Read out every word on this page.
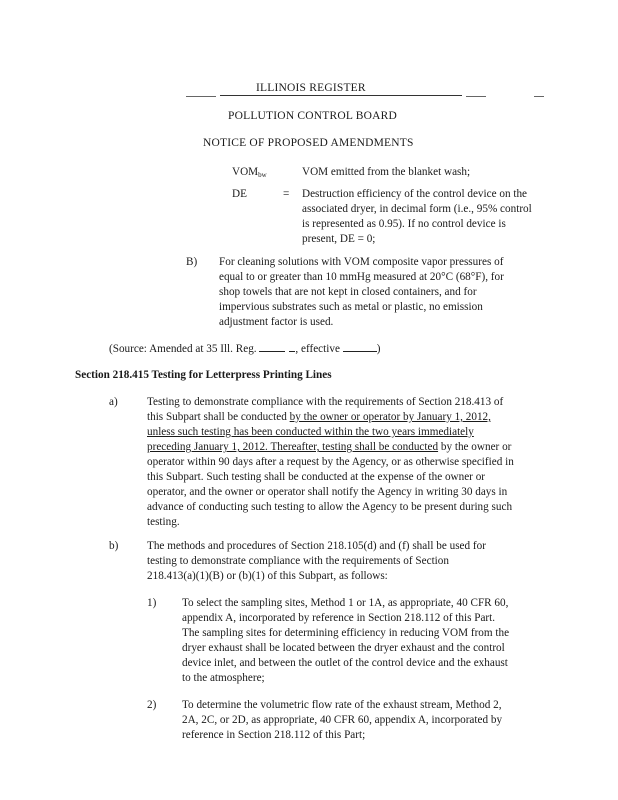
ILLINOIS REGISTER
POLLUTION CONTROL BOARD
NOTICE OF PROPOSED AMENDMENTS
$VOM_{bw}$	VOM emitted from the blanket wash;
DE	= Destruction efficiency of the control device on the
associated dryer, in decimal form (i.e., 95% control
is represented as 0.95). If no control device is
present, DE = 0;
B) For cleaning solutions with VOM composite vapor pressures of
equal to or greater than 10 mmHg measured at 20°C (68°F), for
shop towels that are not kept in closed containers, and for
impervious substrates such as metal or plastic, no emission
adjustment factor is used.
(Source: Amended at 35 Ill. Reg.	, effective	)
Section 218.415 Testing for Letterpress Printing Lines
a)	Testing to demonstrate compliance with the requirements of Section 218.413 of
this Subpart shall be conducted by the owner or operator by January 1, 2012,
unless such testing has been conducted within the two years immediately
preceding January 1, 2012. Thereafter, testing shall be conducted by the owner or
operator within 90 days after a request by the Agency, or as otherwise specified in
this Subpart. Such testing shall be conducted at the expense of the owner or
operator, and the owner or operator shall notify the Agency in writing 30 days in
advance of conducting such testing to allow the Agency to be present during such
testing.
b)	The methods and procedures of Section 218.105(d) and (f) shall be used for
testing to demonstrate compliance with the requirements of Section
218.413(a)(1)(B) or (b)(1) of this Subpart, as follows:
1) To select the sampling sites, Method 1 or 1A, as appropriate, 40 CFR 60,
appendix A, incorporated by reference in Section 218.112 of this Part.
The sampling sites for determining efficiency in reducing VOM from the
dryer exhaust shall be located between the dryer exhaust and the control
device inlet, and between the outlet of the control device and the exhaust
to the atmosphere;
2) To determine the volumetric flow rate of the exhaust stream, Method 2,
2A, 2C, or 2D, as appropriate, 40 CFR 60, appendix A, incorporated by
reference in Section 218.112 of this Part;
